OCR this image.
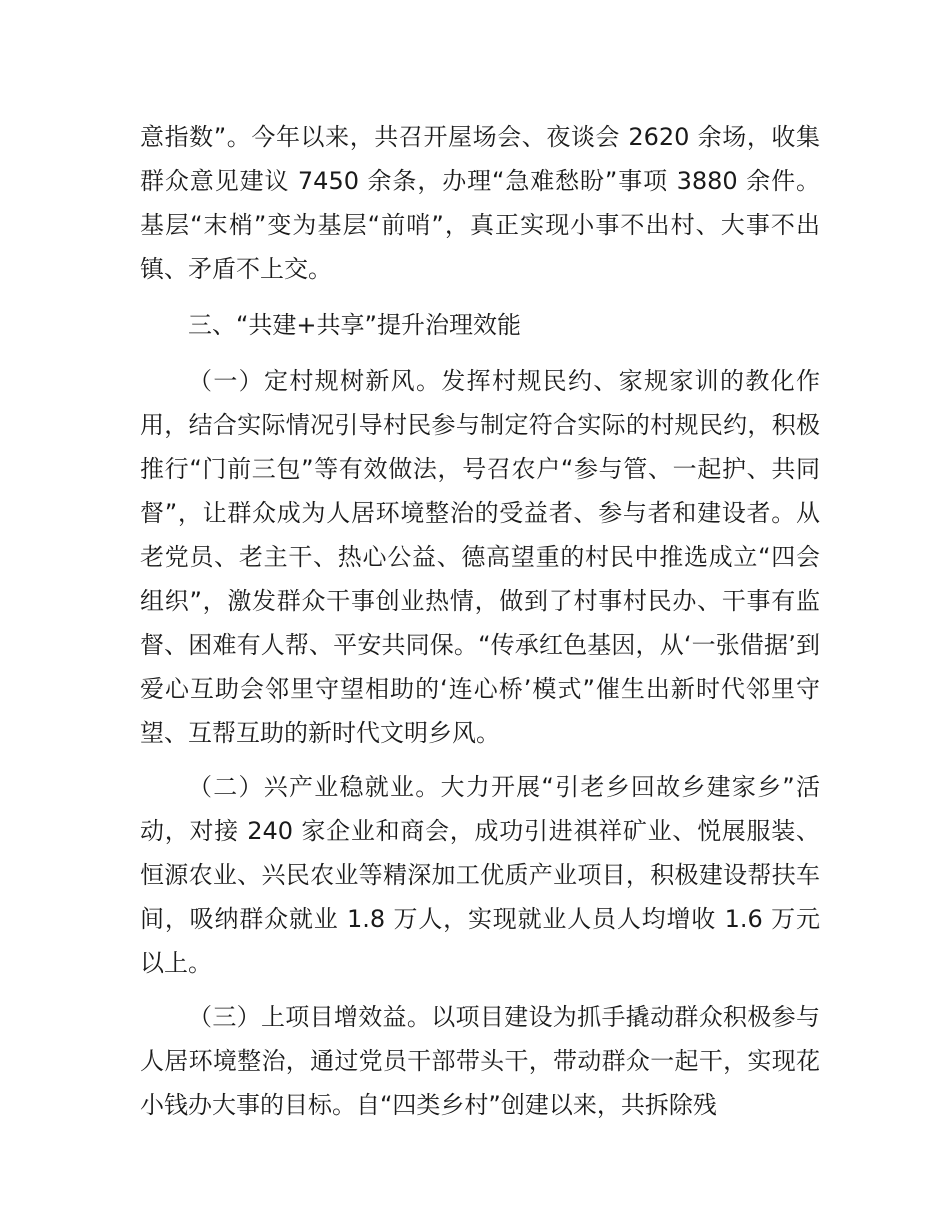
意指数”。今年以来，共召开屋场会、夜谈会 2620 余场，收集群众意见建议 7450 余条，办理“急难愁盼”事项 3880 余件。基层“末梢”变为基层“前哨”，真正实现小事不出村、大事不出镇、矛盾不上交。

三、“共建+共享”提升治理效能

（一）定村规树新风。发挥村规民约、家规家训的教化作用，结合实际情况引导村民参与制定符合实际的村规民约，积极推行“门前三包”等有效做法，号召农户“参与管、一起护、共同督”，让群众成为人居环境整治的受益者、参与者和建设者。从老党员、老主干、热心公益、德高望重的村民中推选成立“四会组织”，激发群众干事创业热情，做到了村事村民办、干事有监督、困难有人帮、平安共同保。“传承红色基因，从‘一张借据’到爱心互助会邻里守望相助的‘连心桥’模式”催生出新时代邻里守望、互帮互助的新时代文明乡风。

（二）兴产业稳就业。大力开展“引老乡回故乡建家乡”活动，对接 240 家企业和商会，成功引进祺祥矿业、悦展服装、恒源农业、兴民农业等精深加工优质产业项目，积极建设帮扶车间，吸纳群众就业 1.8 万人，实现就业人员人均增收 1.6 万元以上。

（三）上项目增效益。以项目建设为抓手撬动群众积极参与人居环境整治，通过党员干部带头干，带动群众一起干，实现花小钱办大事的目标。自“四类乡村”创建以来，共拆除残
